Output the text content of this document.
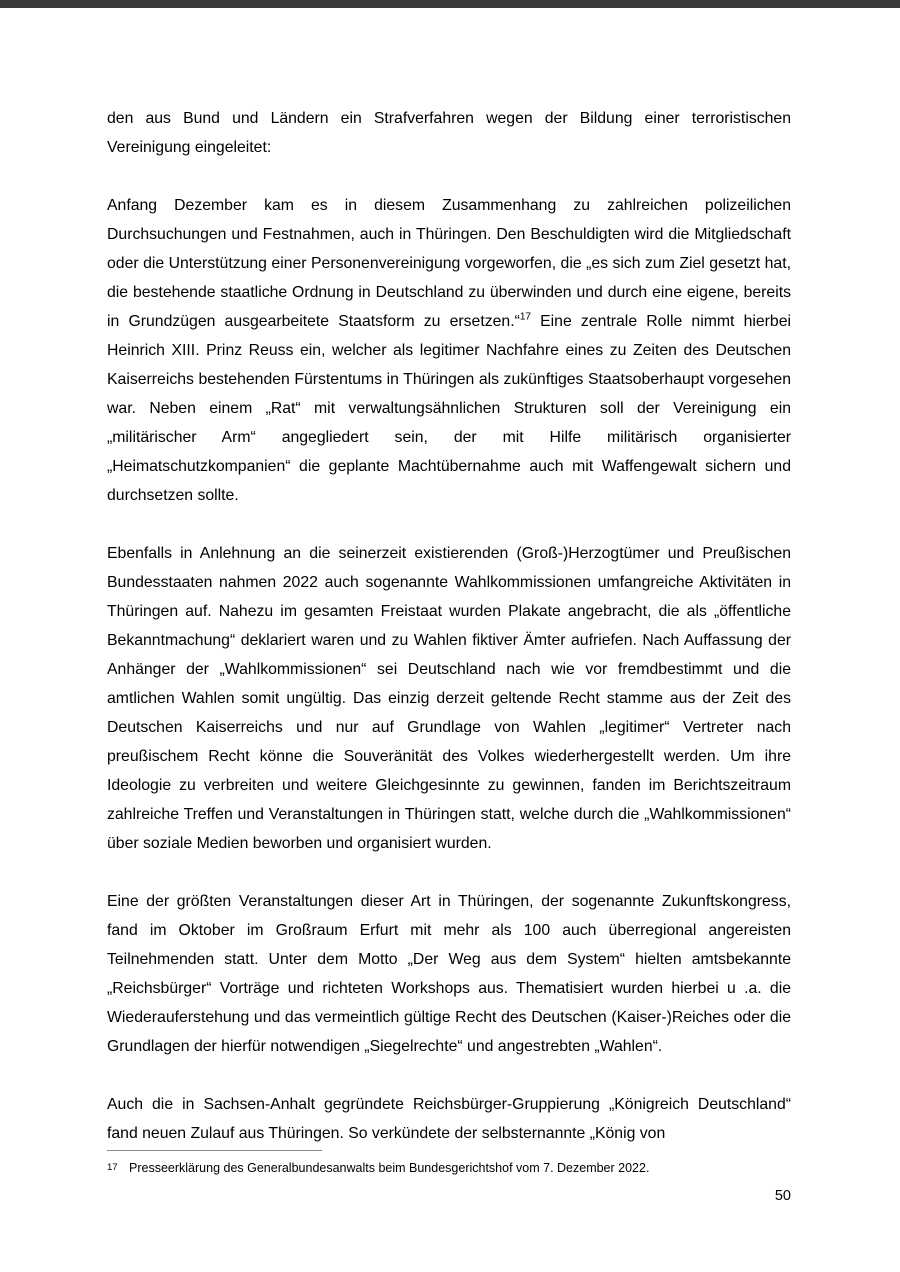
den aus Bund und Ländern ein Strafverfahren wegen der Bildung einer terroristischen Vereinigung eingeleitet:

Anfang Dezember kam es in diesem Zusammenhang zu zahlreichen polizeilichen Durchsuchungen und Festnahmen, auch in Thüringen. Den Beschuldigten wird die Mitgliedschaft oder die Unterstützung einer Personenvereinigung vorgeworfen, die „es sich zum Ziel gesetzt hat, die bestehende staatliche Ordnung in Deutschland zu überwinden und durch eine eigene, bereits in Grundzügen ausgearbeitete Staatsform zu ersetzen.“$^{17}$ Eine zentrale Rolle nimmt hierbei Heinrich XIII. Prinz Reuss ein, welcher als legitimer Nachfahre eines zu Zeiten des Deutschen Kaiserreichs bestehenden Fürstentums in Thüringen als zukünftiges Staatsoberhaupt vorgesehen war. Neben einem „Rat“ mit verwaltungsähnlichen Strukturen soll der Vereinigung ein „militärischer Arm“ angegliedert sein, der mit Hilfe militärisch organisierter „Heimatschutzkompanien“ die geplante Machtübernahme auch mit Waffengewalt sichern und durchsetzen sollte.

Ebenfalls in Anlehnung an die seinerzeit existierenden (Groß-)Herzogtümer und Preußischen Bundesstaaten nahmen 2022 auch sogenannte Wahlkommissionen umfangreiche Aktivitäten in Thüringen auf. Nahezu im gesamten Freistaat wurden Plakate angebracht, die als „öffentliche Bekanntmachung“ deklariert waren und zu Wahlen fiktiver Ämter aufriefen. Nach Auffassung der Anhänger der „Wahlkommissionen“ sei Deutschland nach wie vor fremdbestimmt und die amtlichen Wahlen somit ungültig. Das einzig derzeit geltende Recht stamme aus der Zeit des Deutschen Kaiserreichs und nur auf Grundlage von Wahlen „legitimer“ Vertreter nach preußischem Recht könne die Souveränität des Volkes wiederhergestellt werden. Um ihre Ideologie zu verbreiten und weitere Gleichgesinnte zu gewinnen, fanden im Berichtszeitraum zahlreiche Treffen und Veranstaltungen in Thüringen statt, welche durch die „Wahlkommissionen“ über soziale Medien beworben und organisiert wurden.

Eine der größten Veranstaltungen dieser Art in Thüringen, der sogenannte Zukunftskongress, fand im Oktober im Großraum Erfurt mit mehr als 100 auch überregional angereisten Teilnehmenden statt. Unter dem Motto „Der Weg aus dem System“ hielten amtsbekannte „Reichsbürger“ Vorträge und richteten Workshops aus. Thematisiert wurden hierbei u .a. die Wiederauferstehung und das vermeintlich gültige Recht des Deutschen (Kaiser-)Reiches oder die Grundlagen der hierfür notwendigen „Siegelrechte“ und angestrebten „Wahlen“.

Auch die in Sachsen-Anhalt gegründete Reichsbürger-Gruppierung „Königreich Deutschland“ fand neuen Zulauf aus Thüringen. So verkündete der selbsternannte „König von

17 Presseerklärung des Generalbundesanwalts beim Bundesgerichtshof vom 7. Dezember 2022.
50
